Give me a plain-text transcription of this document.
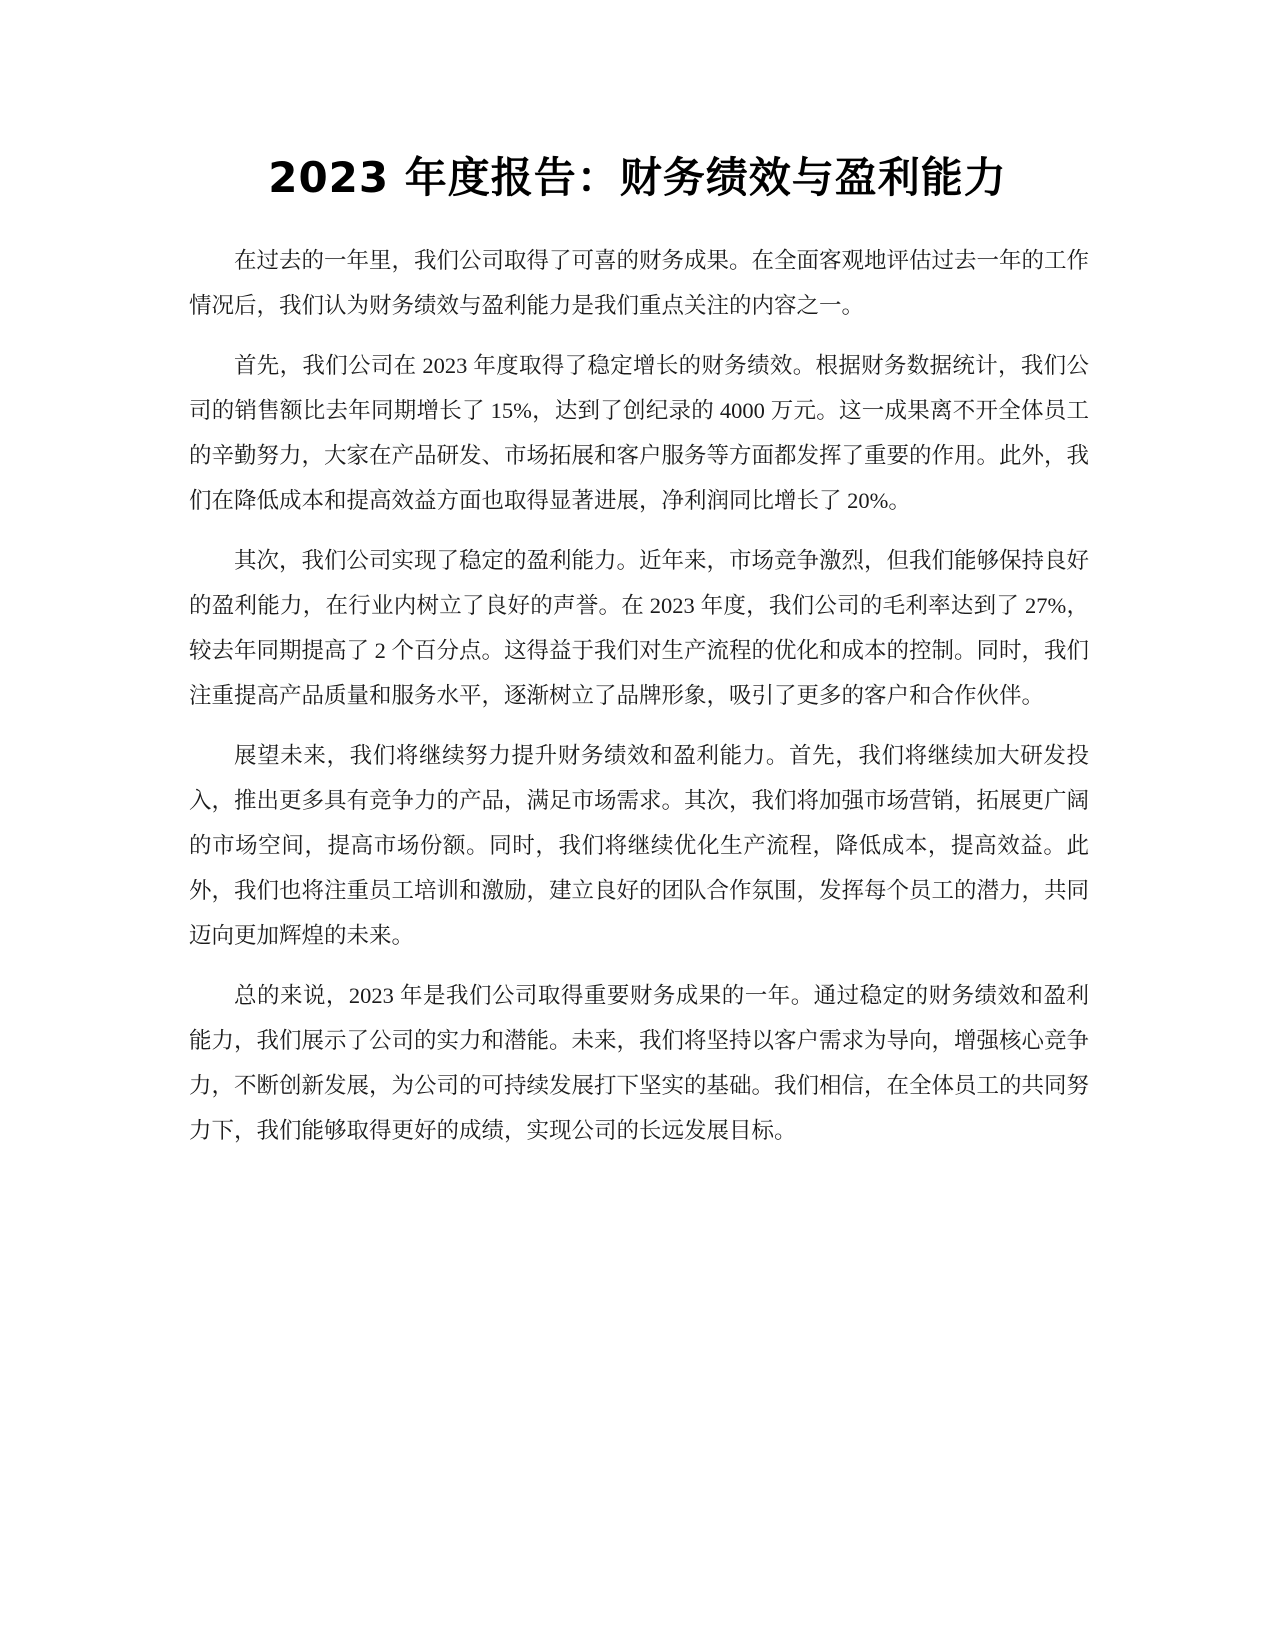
2023 年度报告：财务绩效与盈利能力

在过去的一年里，我们公司取得了可喜的财务成果。在全面客观地评估过去一年的工作情况后，我们认为财务绩效与盈利能力是我们重点关注的内容之一。

首先，我们公司在 2023 年度取得了稳定增长的财务绩效。根据财务数据统计，我们公司的销售额比去年同期增长了 15%，达到了创纪录的 4000 万元。这一成果离不开全体员工的辛勤努力，大家在产品研发、市场拓展和客户服务等方面都发挥了重要的作用。此外，我们在降低成本和提高效益方面也取得显著进展，净利润同比增长了 20%。

其次，我们公司实现了稳定的盈利能力。近年来，市场竞争激烈，但我们能够保持良好的盈利能力，在行业内树立了良好的声誉。在 2023 年度，我们公司的毛利率达到了 27%，较去年同期提高了 2 个百分点。这得益于我们对生产流程的优化和成本的控制。同时，我们注重提高产品质量和服务水平，逐渐树立了品牌形象，吸引了更多的客户和合作伙伴。

展望未来，我们将继续努力提升财务绩效和盈利能力。首先，我们将继续加大研发投入，推出更多具有竞争力的产品，满足市场需求。其次，我们将加强市场营销，拓展更广阔的市场空间，提高市场份额。同时，我们将继续优化生产流程，降低成本，提高效益。此外，我们也将注重员工培训和激励，建立良好的团队合作氛围，发挥每个员工的潜力，共同迈向更加辉煌的未来。

总的来说，2023 年是我们公司取得重要财务成果的一年。通过稳定的财务绩效和盈利能力，我们展示了公司的实力和潜能。未来，我们将坚持以客户需求为导向，增强核心竞争力，不断创新发展，为公司的可持续发展打下坚实的基础。我们相信，在全体员工的共同努力下，我们能够取得更好的成绩，实现公司的长远发展目标。
